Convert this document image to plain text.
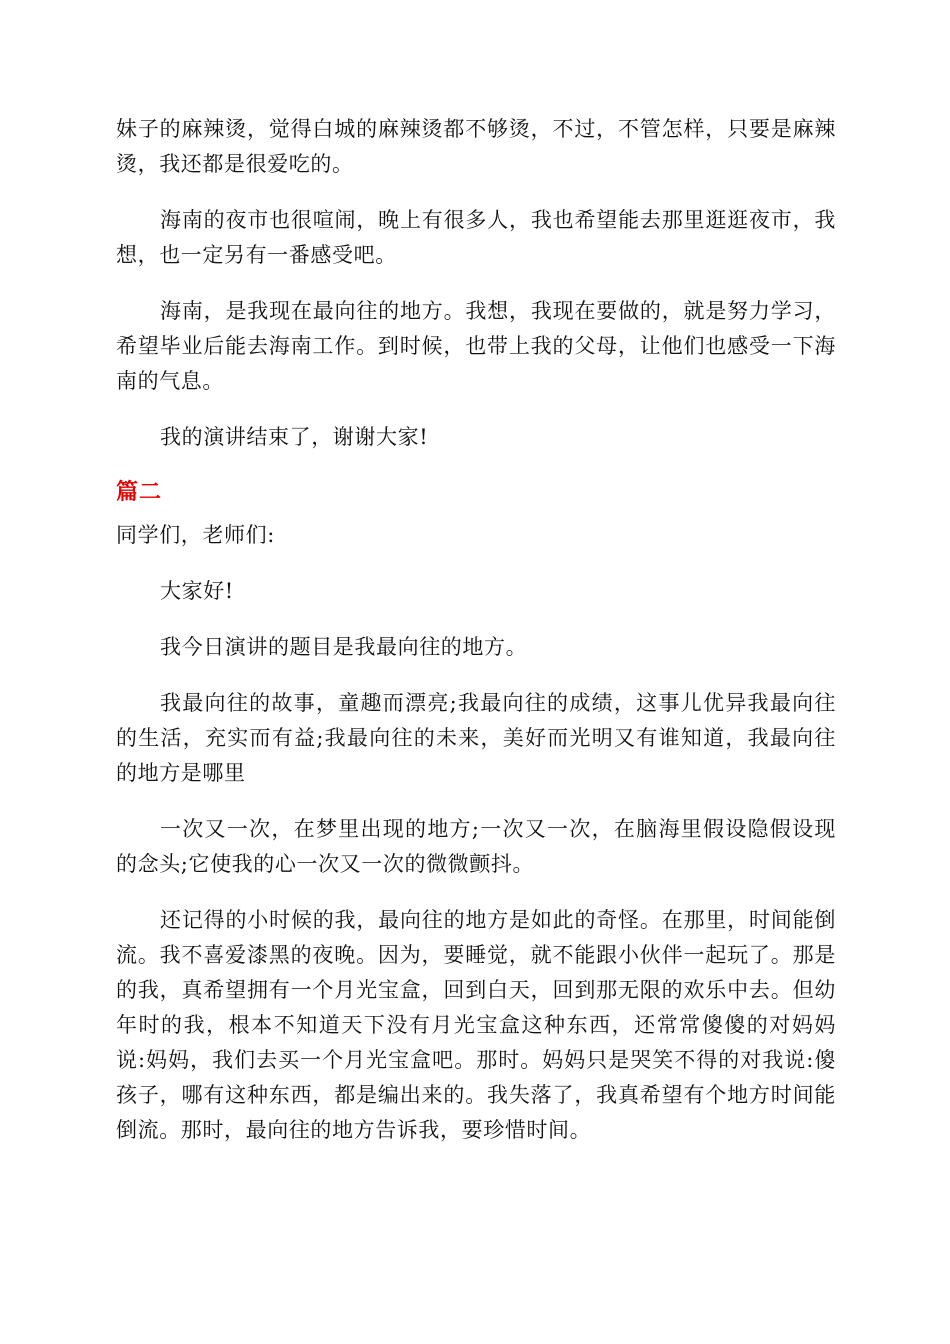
妹子的麻辣烫，觉得白城的麻辣烫都不够烫，不过，不管怎样，只要是麻辣烫，我还都是很爱吃的。

海南的夜市也很喧闹，晚上有很多人，我也希望能去那里逛逛夜市，我想，也一定另有一番感受吧。

海南，是我现在最向往的地方。我想，我现在要做的，就是努力学习，希望毕业后能去海南工作。到时候，也带上我的父母，让他们也感受一下海南的气息。

我的演讲结束了，谢谢大家!

篇二

同学们，老师们:

大家好!

我今日演讲的题目是我最向往的地方。

我最向往的故事，童趣而漂亮;我最向往的成绩，这事儿优异我最向往的生活，充实而有益;我最向往的未来，美好而光明又有谁知道，我最向往的地方是哪里

一次又一次，在梦里出现的地方;一次又一次，在脑海里假设隐假设现的念头;它使我的心一次又一次的微微颤抖。

还记得的小时候的我，最向往的地方是如此的奇怪。在那里，时间能倒流。我不喜爱漆黑的夜晚。因为，要睡觉，就不能跟小伙伴一起玩了。那是的我，真希望拥有一个月光宝盒，回到白天，回到那无限的欢乐中去。但幼年时的我，根本不知道天下没有月光宝盒这种东西，还常常傻傻的对妈妈说:妈妈，我们去买一个月光宝盒吧。那时。妈妈只是哭笑不得的对我说:傻孩子，哪有这种东西，都是编出来的。我失落了，我真希望有个地方时间能倒流。那时，最向往的地方告诉我，要珍惜时间。
